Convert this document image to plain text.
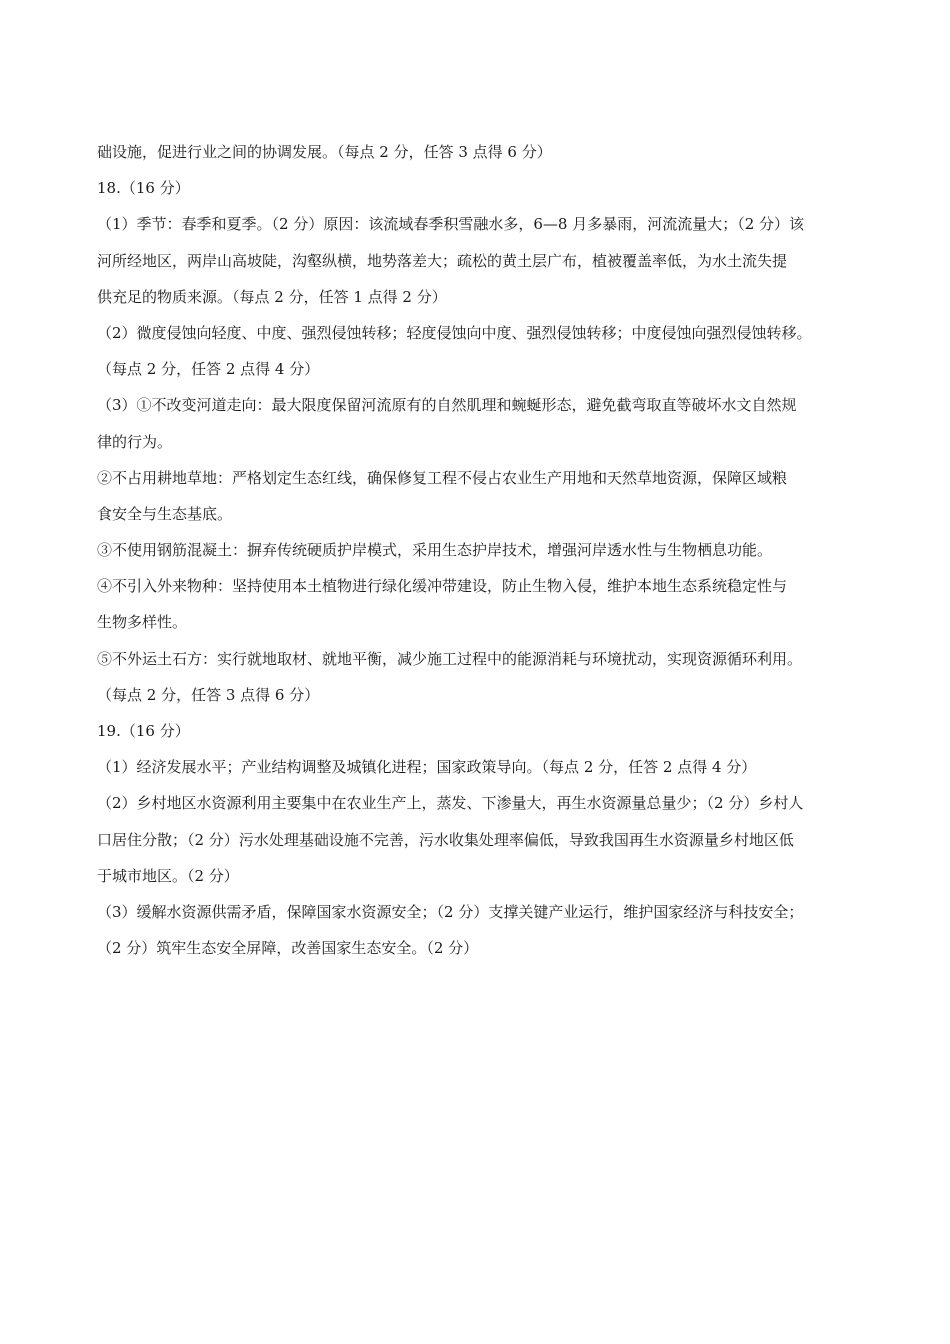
础设施，促进行业之间的协调发展。（每点 2 分，任答 3 点得 6 分）
18.（16 分）
（1）季节：春季和夏季。（2 分）原因：该流域春季积雪融水多，6—8 月多暴雨，河流流量大；（2 分）该
河所经地区，两岸山高坡陡，沟壑纵横，地势落差大；疏松的黄土层广布，植被覆盖率低，为水土流失提
供充足的物质来源。（每点 2 分，任答 1 点得 2 分）
（2）微度侵蚀向轻度、中度、强烈侵蚀转移；轻度侵蚀向中度、强烈侵蚀转移；中度侵蚀向强烈侵蚀转移。
（每点 2 分，任答 2 点得 4 分）
（3）①不改变河道走向：最大限度保留河流原有的自然肌理和蜿蜒形态，避免截弯取直等破坏水文自然规
律的行为。
②不占用耕地草地：严格划定生态红线，确保修复工程不侵占农业生产用地和天然草地资源，保障区域粮
食安全与生态基底。
③不使用钢筋混凝土：摒弃传统硬质护岸模式，采用生态护岸技术，增强河岸透水性与生物栖息功能。
④不引入外来物种：坚持使用本土植物进行绿化缓冲带建设，防止生物入侵，维护本地生态系统稳定性与
生物多样性。
⑤不外运土石方：实行就地取材、就地平衡，减少施工过程中的能源消耗与环境扰动，实现资源循环利用。
（每点 2 分，任答 3 点得 6 分）
19.（16 分）
（1）经济发展水平；产业结构调整及城镇化进程；国家政策导向。（每点 2 分，任答 2 点得 4 分）
（2）乡村地区水资源利用主要集中在农业生产上，蒸发、下渗量大，再生水资源量总量少；（2 分）乡村人
口居住分散；（2 分）污水处理基础设施不完善，污水收集处理率偏低，导致我国再生水资源量乡村地区低
于城市地区。（2 分）
（3）缓解水资源供需矛盾，保障国家水资源安全；（2 分）支撑关键产业运行，维护国家经济与科技安全；
（2 分）筑牢生态安全屏障，改善国家生态安全。（2 分）
